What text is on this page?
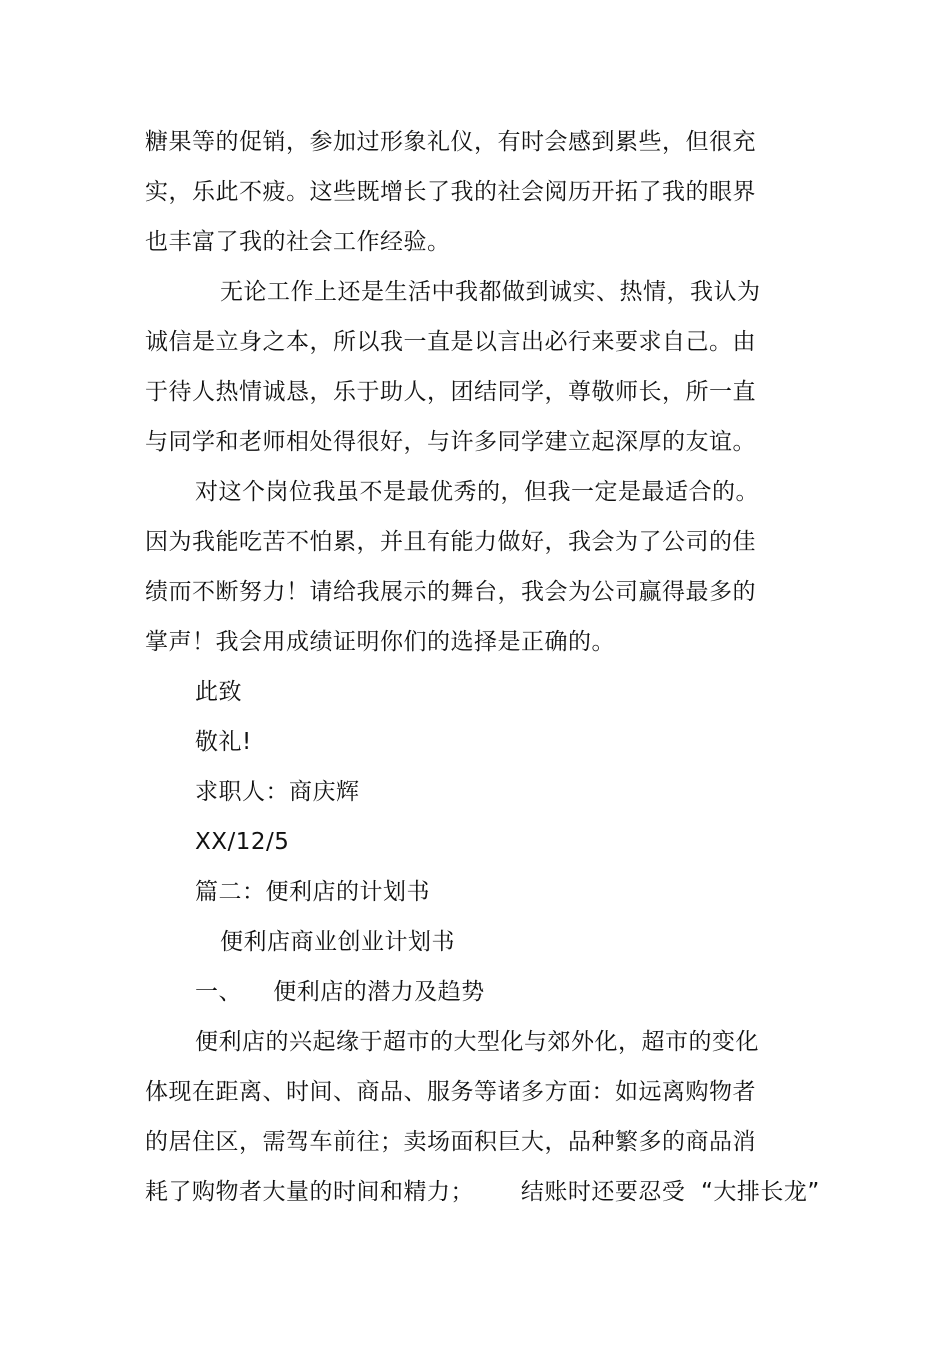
糖果等的促销，参加过形象礼仪，有时会感到累些，但很充
实，乐此不疲。这些既增长了我的社会阅历开拓了我的眼界
也丰富了我的社会工作经验。
无论工作上还是生活中我都做到诚实、热情，我认为
诚信是立身之本，所以我一直是以言出必行来要求自己。由
于待人热情诚恳，乐于助人，团结同学，尊敬师长，所一直
与同学和老师相处得很好，与许多同学建立起深厚的友谊。
对这个岗位我虽不是最优秀的，但我一定是最适合的。
因为我能吃苦不怕累，并且有能力做好，我会为了公司的佳
绩而不断努力！请给我展示的舞台，我会为公司赢得最多的
掌声！我会用成绩证明你们的选择是正确的。
此致
敬礼!
求职人：商庆辉
XX/12/5
篇二：便利店的计划书
便利店商业创业计划书
一、    便利店的潜力及趋势
便利店的兴起缘于超市的大型化与郊外化，超市的变化
体现在距离、时间、商品、服务等诸多方面：如远离购物者
的居住区，需驾车前往；卖场面积巨大，品种繁多的商品消
耗了购物者大量的时间和精力；      结账时还要忍受  “大排长龙”
